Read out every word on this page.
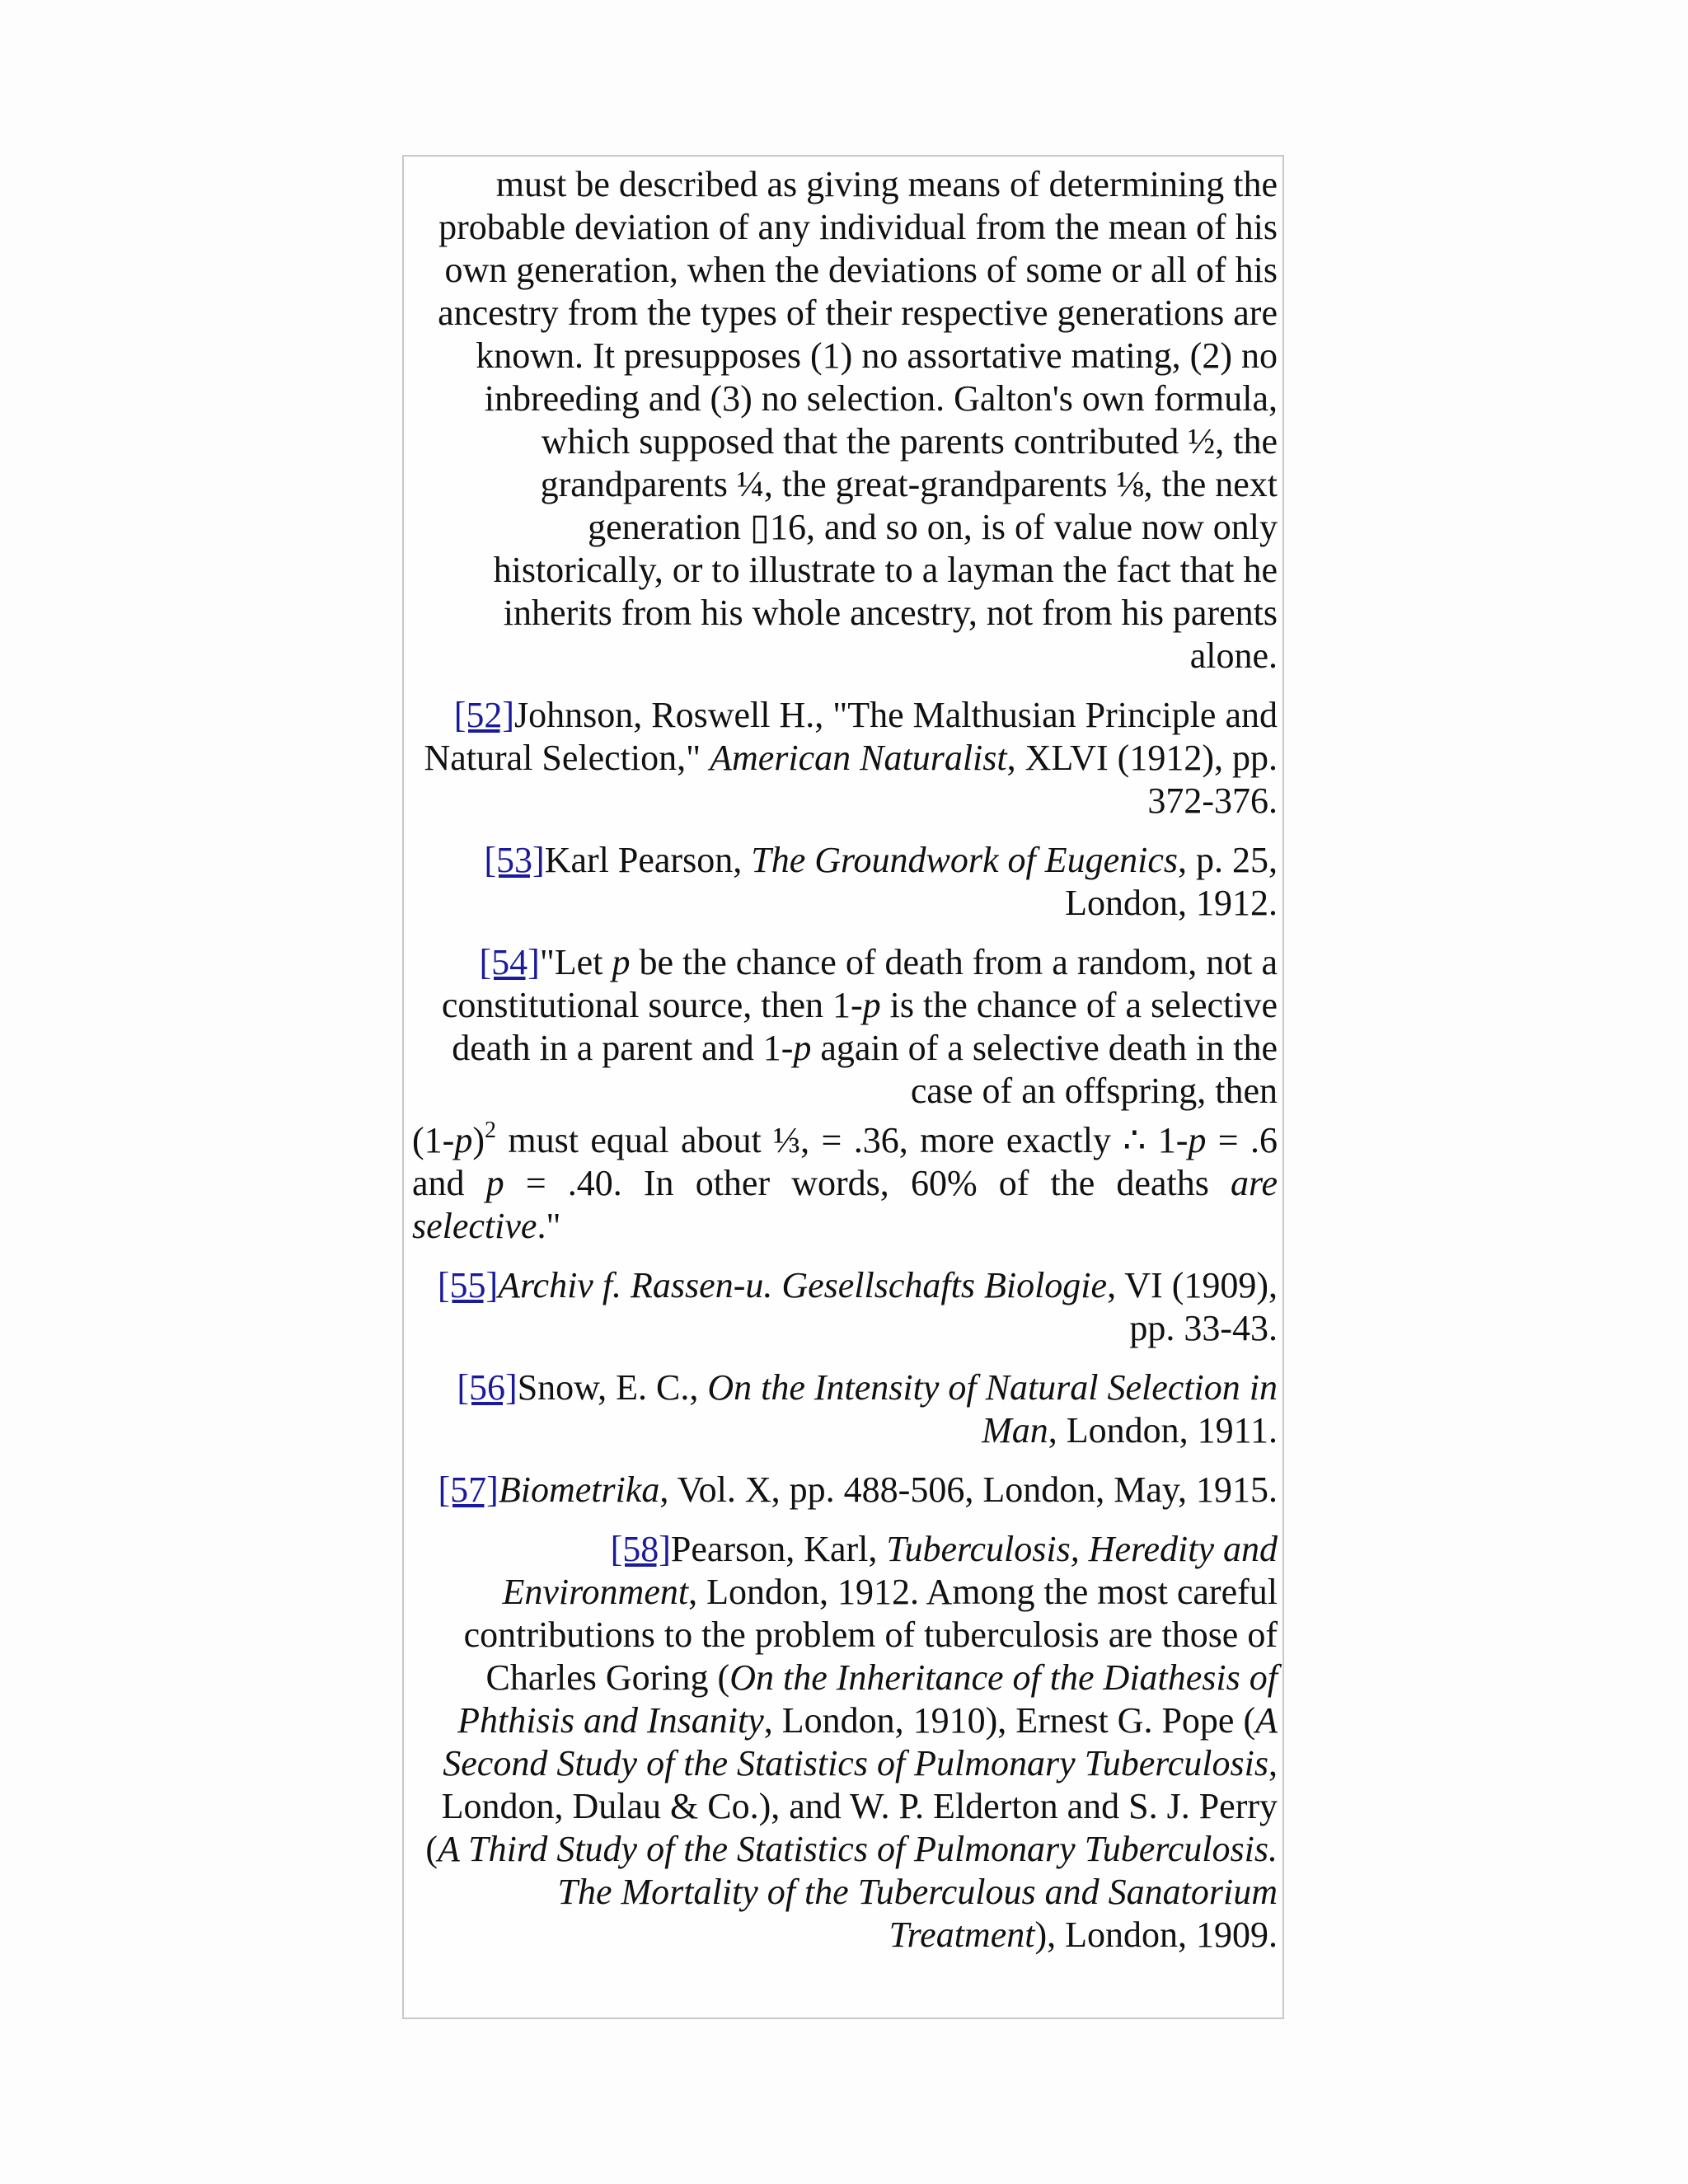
must be described as giving means of determining the probable deviation of any individual from the mean of his own generation, when the deviations of some or all of his ancestry from the types of their respective generations are known. It presupposes (1) no assortative mating, (2) no inbreeding and (3) no selection. Galton's own formula, which supposed that the parents contributed ½, the grandparents ¼, the great-grandparents ⅛, the next generation ▯16, and so on, is of value now only historically, or to illustrate to a layman the fact that he inherits from his whole ancestry, not from his parents alone.

[52]Johnson, Roswell H., "The Malthusian Principle and Natural Selection," American Naturalist, XLVI (1912), pp. 372-376.

[53]Karl Pearson, The Groundwork of Eugenics, p. 25, London, 1912.

[54]"Let p be the chance of death from a random, not a constitutional source, then 1-p is the chance of a selective death in a parent and 1-p again of a selective death in the case of an offspring, then

$(1-p)^2$ must equal about ⅓, = .36, more exactly ∴ 1-p = .6 and p = .40. In other words, 60% of the deaths are selective."

[55]Archiv f. Rassen-u. Gesellschafts Biologie, VI (1909), pp. 33-43.

[56]Snow, E. C., On the Intensity of Natural Selection in Man, London, 1911.

[57]Biometrika, Vol. X, pp. 488-506, London, May, 1915.

[58]Pearson, Karl, Tuberculosis, Heredity and Environment, London, 1912. Among the most careful contributions to the problem of tuberculosis are those of Charles Goring (On the Inheritance of the Diathesis of Phthisis and Insanity, London, 1910), Ernest G. Pope (A Second Study of the Statistics of Pulmonary Tuberculosis, London, Dulau & Co.), and W. P. Elderton and S. J. Perry (A Third Study of the Statistics of Pulmonary Tuberculosis. The Mortality of the Tuberculous and Sanatorium Treatment), London, 1909.
